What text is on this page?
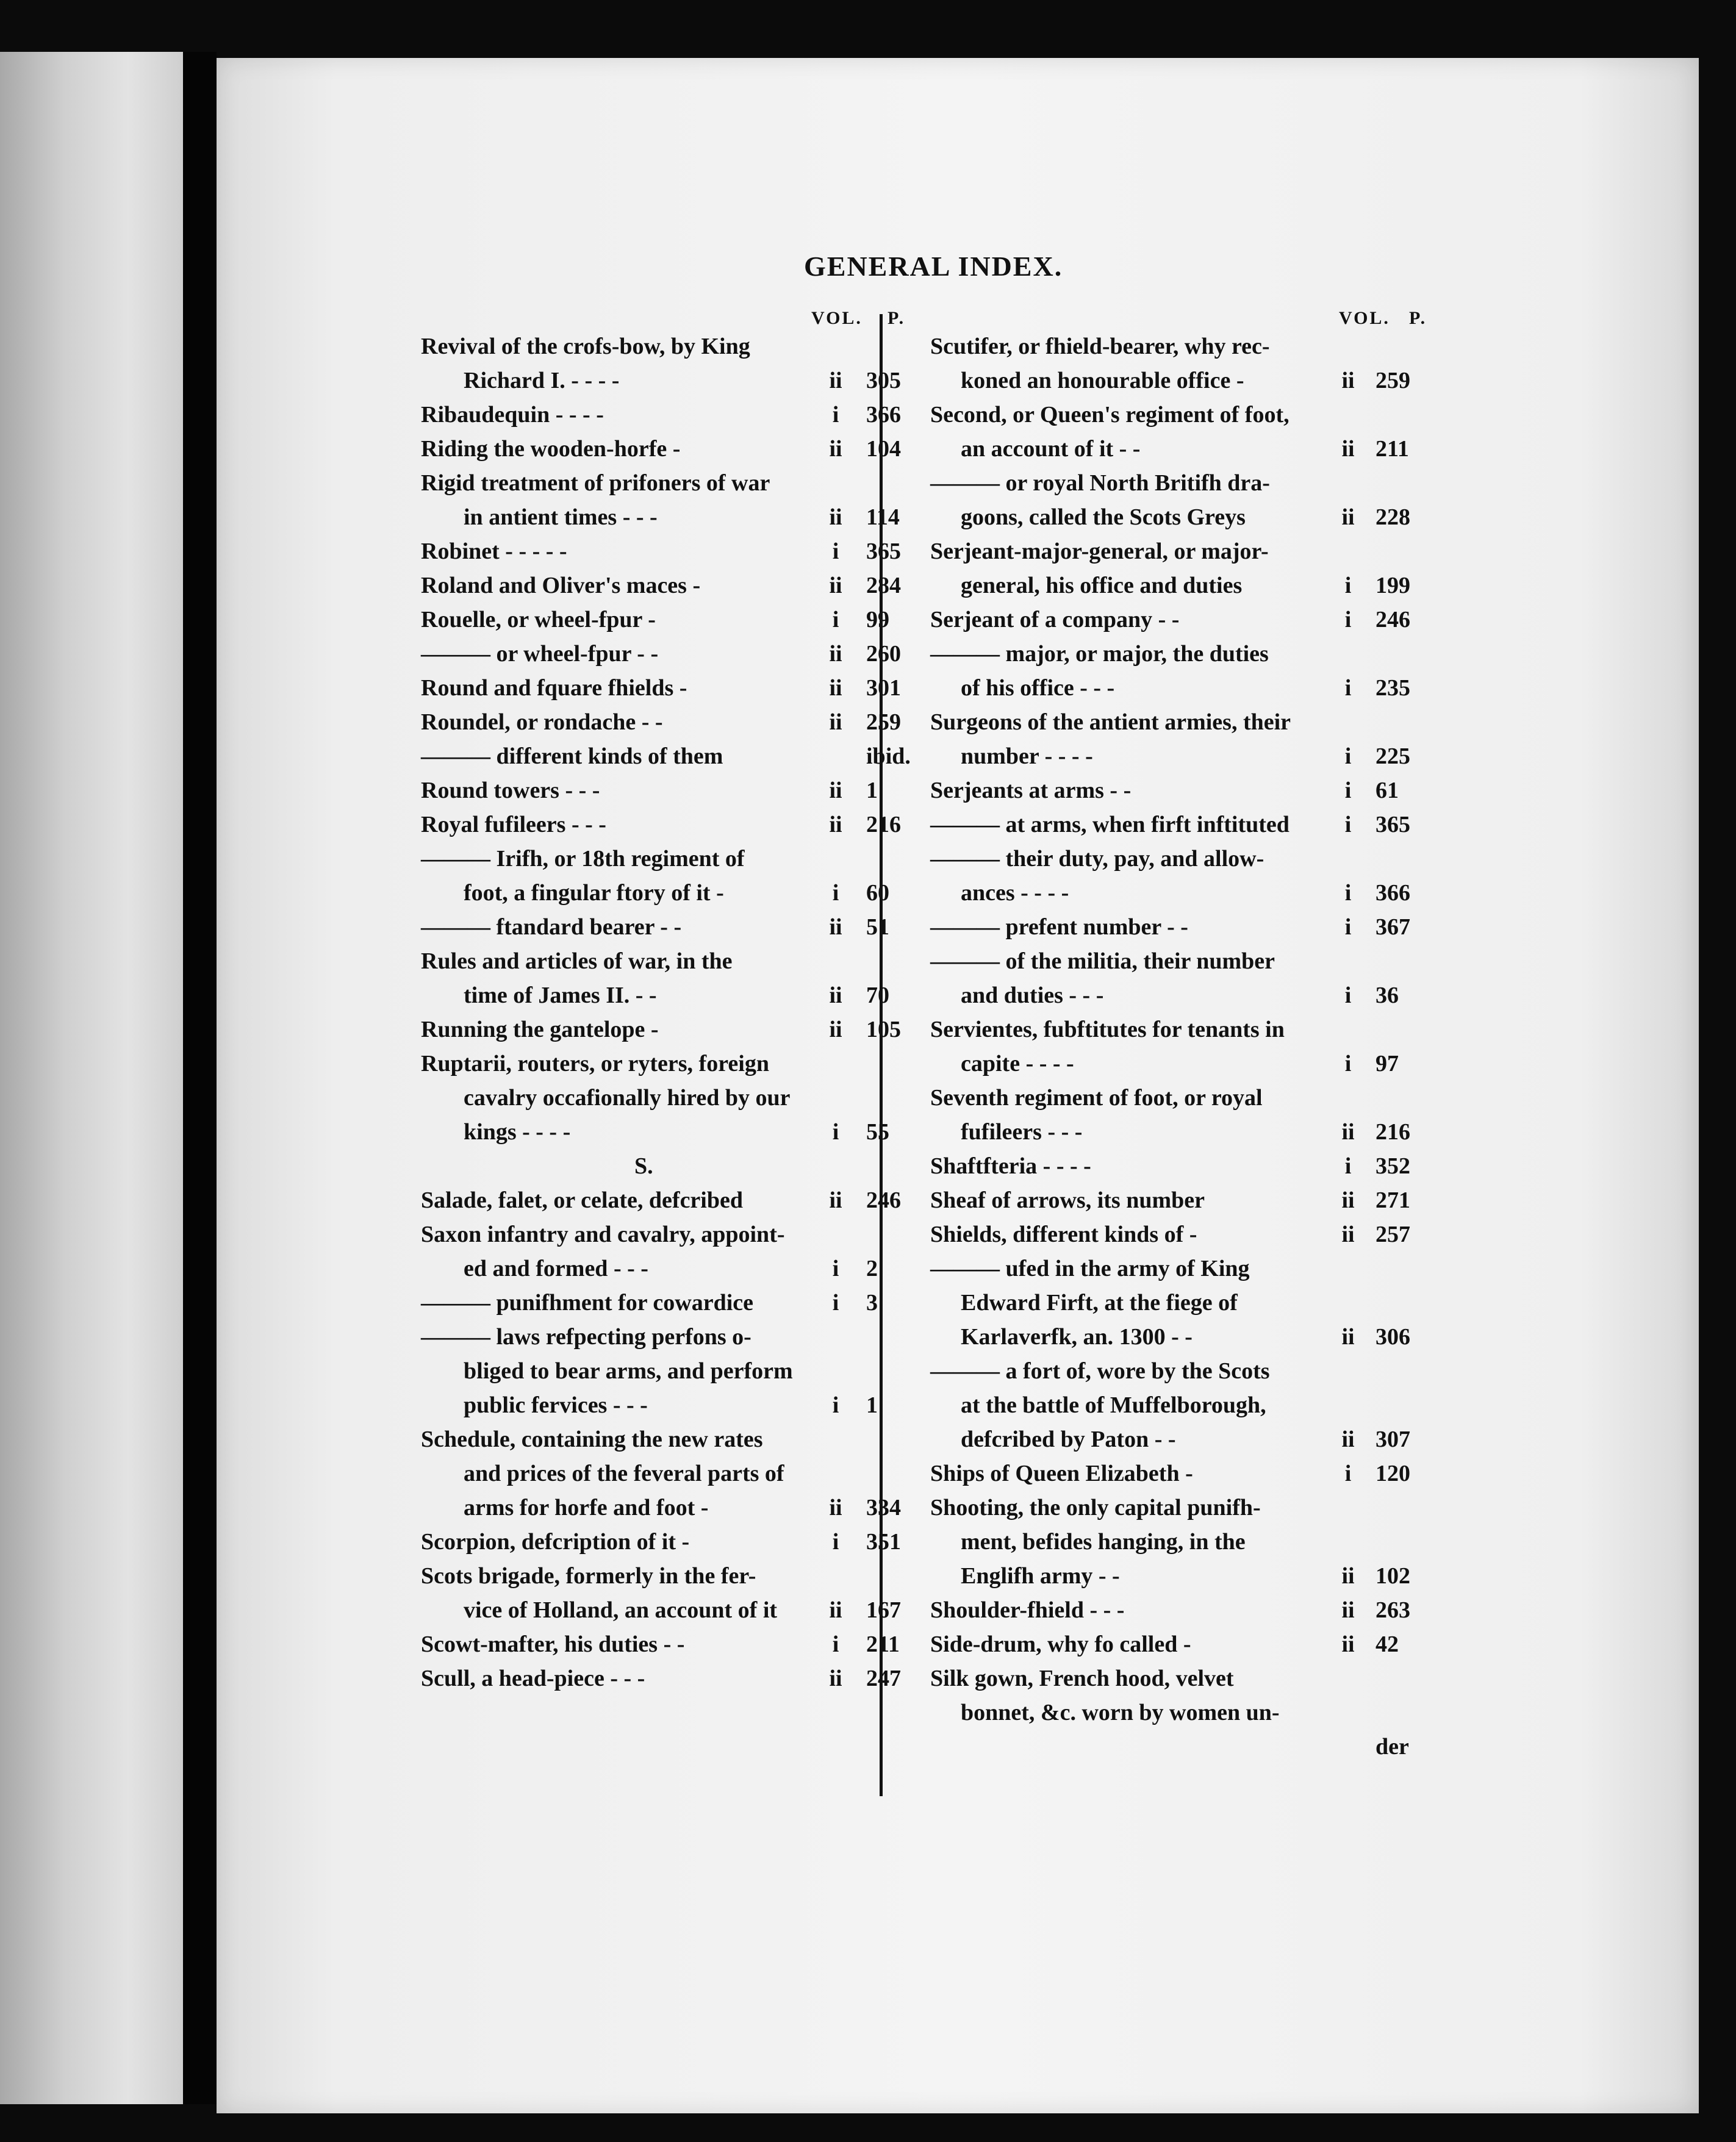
GENERAL INDEX.
VOL. P.	VOL. P.
Revival of the crofs-bow, by King
Richard I. - - - -	ii	305
Ribaudequin - - - -	i	366
Riding the wooden-horfe -	ii	104
Rigid treatment of prifoners of war
in antient times - - -	ii	114
Robinet - - - - -	i	365
Roland and Oliver's maces -	ii	284
Rouelle, or wheel-fpur -	i	99
——— or wheel-fpur - -	ii	260
Round and fquare fhields -	ii	301
Roundel, or rondache - -	ii	259
——— different kinds of them	ibid.
Round towers - - -	ii	1
Royal fufileers - - -	ii	216
——— Irifh, or 18th regiment of
foot, a fingular ftory of it -	i	60
——— ftandard bearer - -	ii	51
Rules and articles of war, in the
time of James II. - -	ii	70
Running the gantelope -	ii	105
Ruptarii, routers, or ryters, foreign
cavalry occafionally hired by our
kings - - - -	i	55
S.
Salade, falet, or celate, defcribed	ii	246
Saxon infantry and cavalry, appoint-
ed and formed - - -	i	2
——— punifhment for cowardice	i	3
——— laws refpecting perfons o-
bliged to bear arms, and perform
public fervices - - -	i	1
Schedule, containing the new rates
and prices of the feveral parts of
arms for horfe and foot -	ii	334
Scorpion, defcription of it -	i	351
Scots brigade, formerly in the fer-
vice of Holland, an account of it	ii	167
Scowt-mafter, his duties - -	i	211
Scull, a head-piece - - -	ii	247
Scutifer, or fhield-bearer, why rec-
koned an honourable office -	ii 259
Second, or Queen's regiment of foot,
an account of it - -	ii 211
——— or royal North Britifh dra-
goons, called the Scots Greys	ii 228
Serjeant-major-general, or major-
general, his office and duties	i	199
Serjeant of a company - -	i	246
——— major, or major, the duties
of his office - - -	i	235
Surgeons of the antient armies, their
number - - - -	i	225
Serjeants at arms - -	i	61
——— at arms, when firft inftituted	i	365
——— their duty, pay, and allow-
ances - - - -	i	366
——— prefent number - -	i	367
——— of the militia, their number
and duties - - -	i	36
Servientes, fubftitutes for tenants in
capite - - - -	i	97
Seventh regiment of foot, or royal
fufileers - - -	ii 216
Shaftfteria - - - -	i	352
Sheaf of arrows, its number	ii 271
Shields, different kinds of -	ii 257
——— ufed in the army of King
Edward Firft, at the fiege of
Karlaverfk, an. 1300 - -	ii 306
——— a fort of, wore by the Scots
at the battle of Muffelborough,
defcribed by Paton - -	ii 307
Ships of Queen Elizabeth -	i	120
Shooting, the only capital punifh-
ment, befides hanging, in the
Englifh army - -	ii 102
Shoulder-fhield - - -	ii 263
Side-drum, why fo called -	ii 42
Silk gown, French hood, velvet
bonnet, &c. worn by women un-
der
